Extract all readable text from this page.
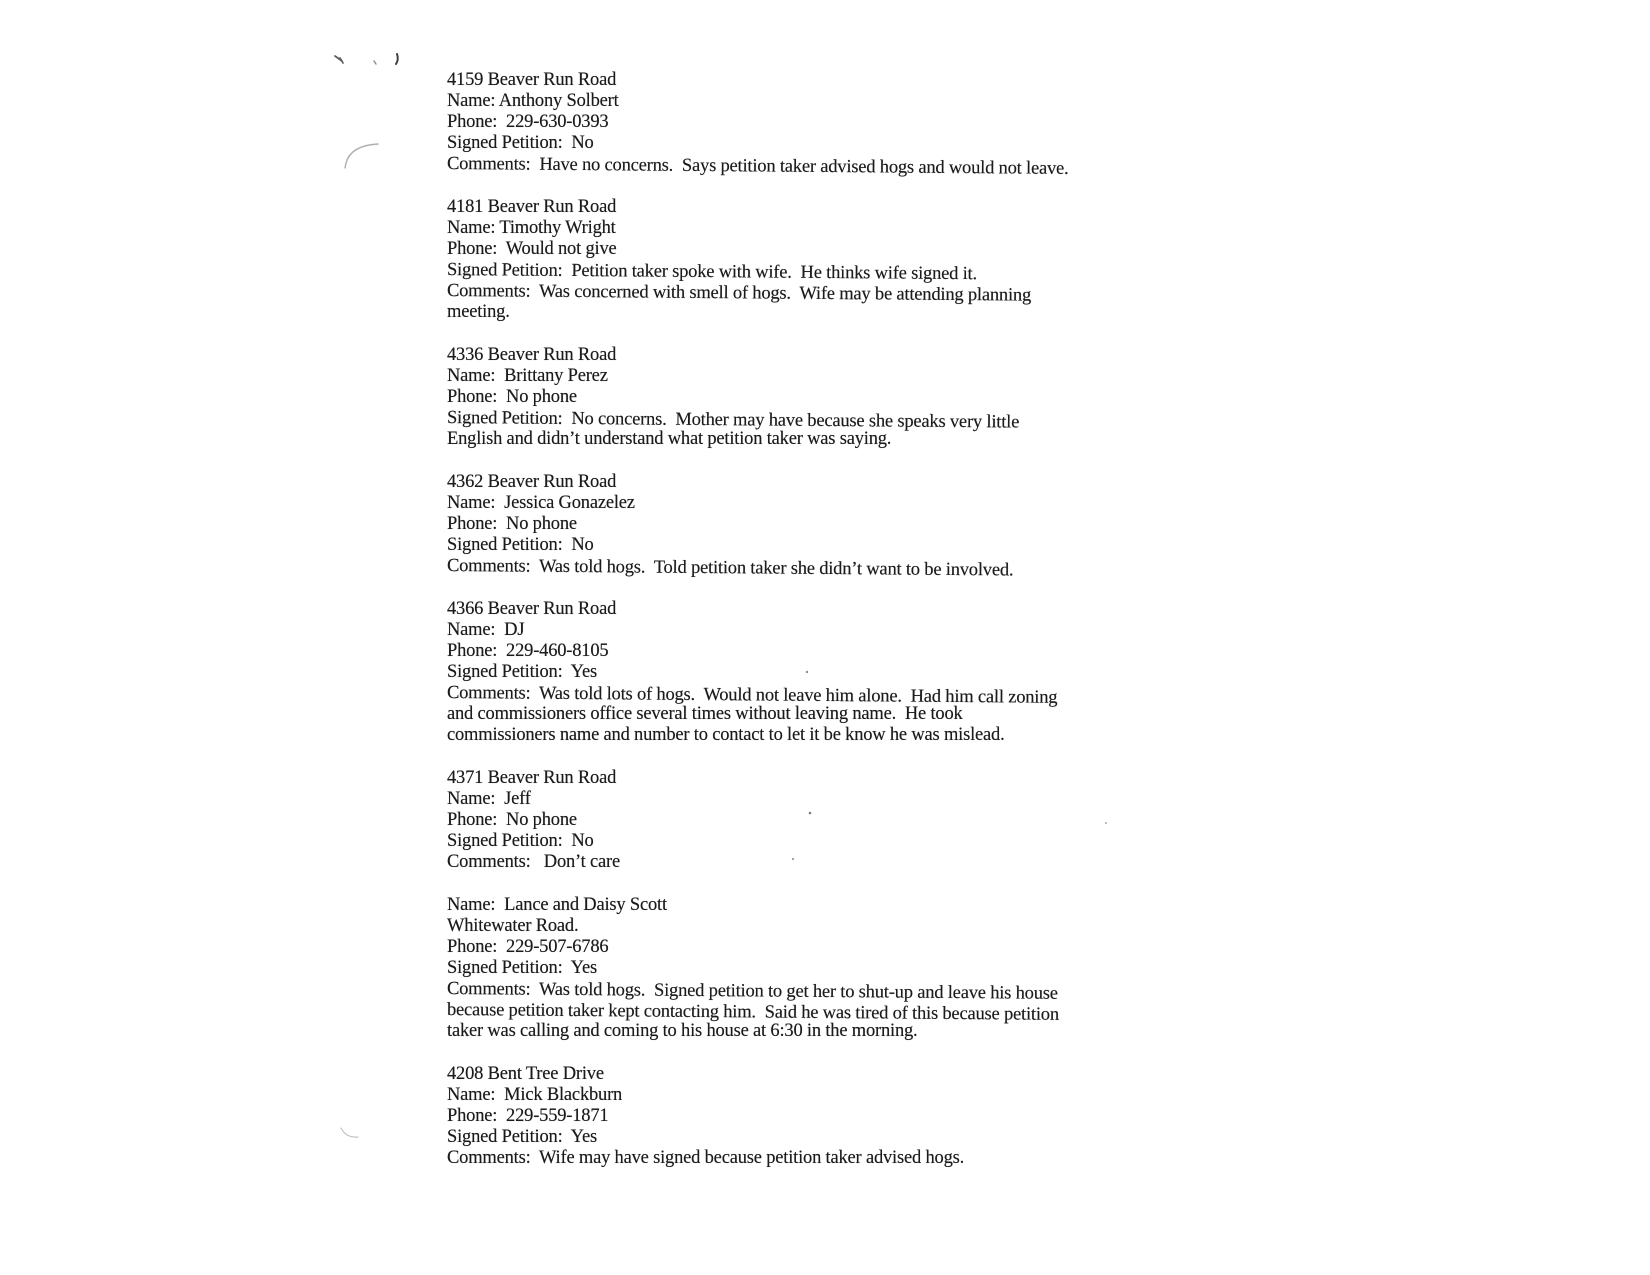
4159 Beaver Run Road
Name: Anthony Solbert
Phone:  229-630-0393
Signed Petition:  No
Comments:  Have no concerns.  Says petition taker advised hogs and would not leave.
4181 Beaver Run Road
Name: Timothy Wright
Phone:  Would not give
Signed Petition:  Petition taker spoke with wife.  He thinks wife signed it.
Comments:  Was concerned with smell of hogs.  Wife may be attending planning
meeting.
4336 Beaver Run Road
Name:  Brittany Perez
Phone:  No phone
Signed Petition:  No concerns.  Mother may have because she speaks very little
English and didn’t understand what petition taker was saying.
4362 Beaver Run Road
Name:  Jessica Gonazelez
Phone:  No phone
Signed Petition:  No
Comments:  Was told hogs.  Told petition taker she didn’t want to be involved.
4366 Beaver Run Road
Name:  DJ
Phone:  229-460-8105
Signed Petition:  Yes
Comments:  Was told lots of hogs.  Would not leave him alone.  Had him call zoning
and commissioners office several times without leaving name.  He took
commissioners name and number to contact to let it be know he was mislead.
4371 Beaver Run Road
Name:  Jeff
Phone:  No phone
Signed Petition:  No
Comments:   Don’t care
Name:  Lance and Daisy Scott
Whitewater Road.
Phone:  229-507-6786
Signed Petition:  Yes
Comments:  Was told hogs.  Signed petition to get her to shut-up and leave his house
because petition taker kept contacting him.  Said he was tired of this because petition
taker was calling and coming to his house at 6:30 in the morning.
4208 Bent Tree Drive
Name:  Mick Blackburn
Phone:  229-559-1871
Signed Petition:  Yes
Comments:  Wife may have signed because petition taker advised hogs.
